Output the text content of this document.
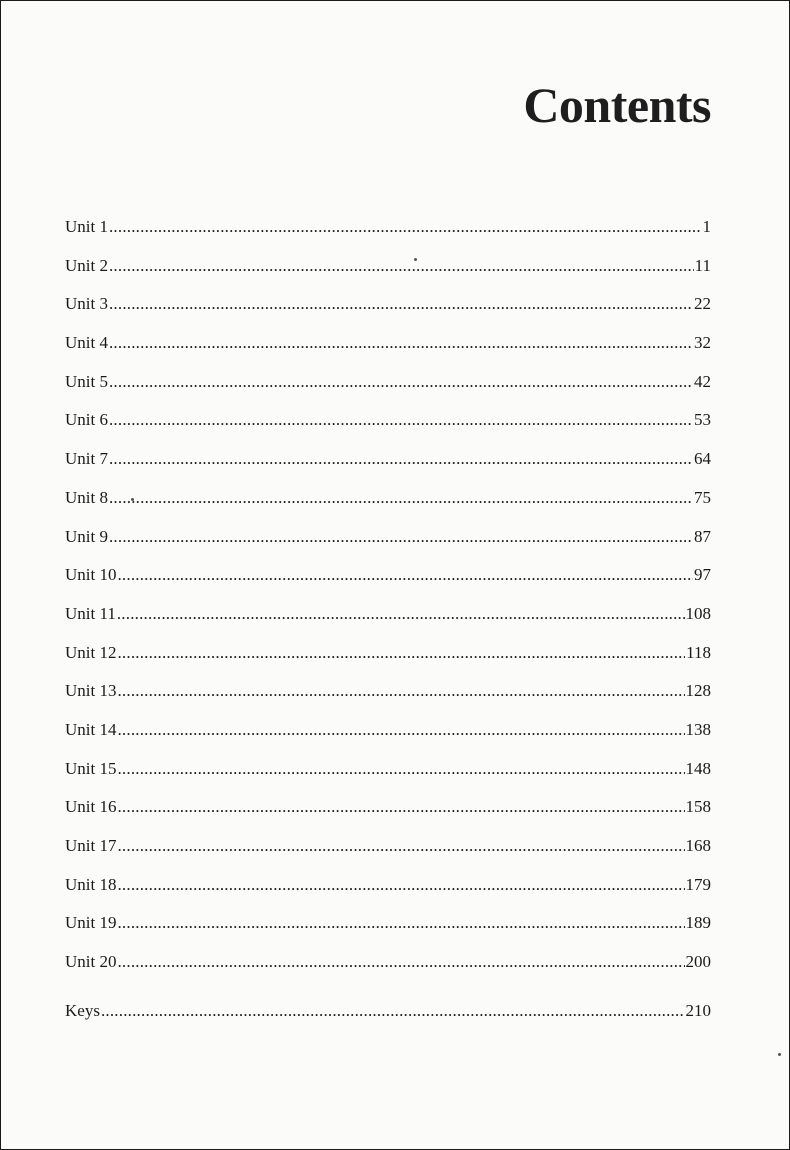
Contents
Unit 1 .....	1
Unit 2 .....	11
Unit 3 .....	22
Unit 4 .....	32
Unit 5 .....	42
Unit 6 .....	53
Unit 7 .....	64
Unit 8 .....	75
Unit 9 .....	87
Unit 10 .....	97
Unit 11 .....	108
Unit 12 .....	118
Unit 13 .....	128
Unit 14 .....	138
Unit 15 .....	148
Unit 16 .....	158
Unit 17 .....	168
Unit 18 .....	179
Unit 19 .....	189
Unit 20 .....	200
Keys .....	210
